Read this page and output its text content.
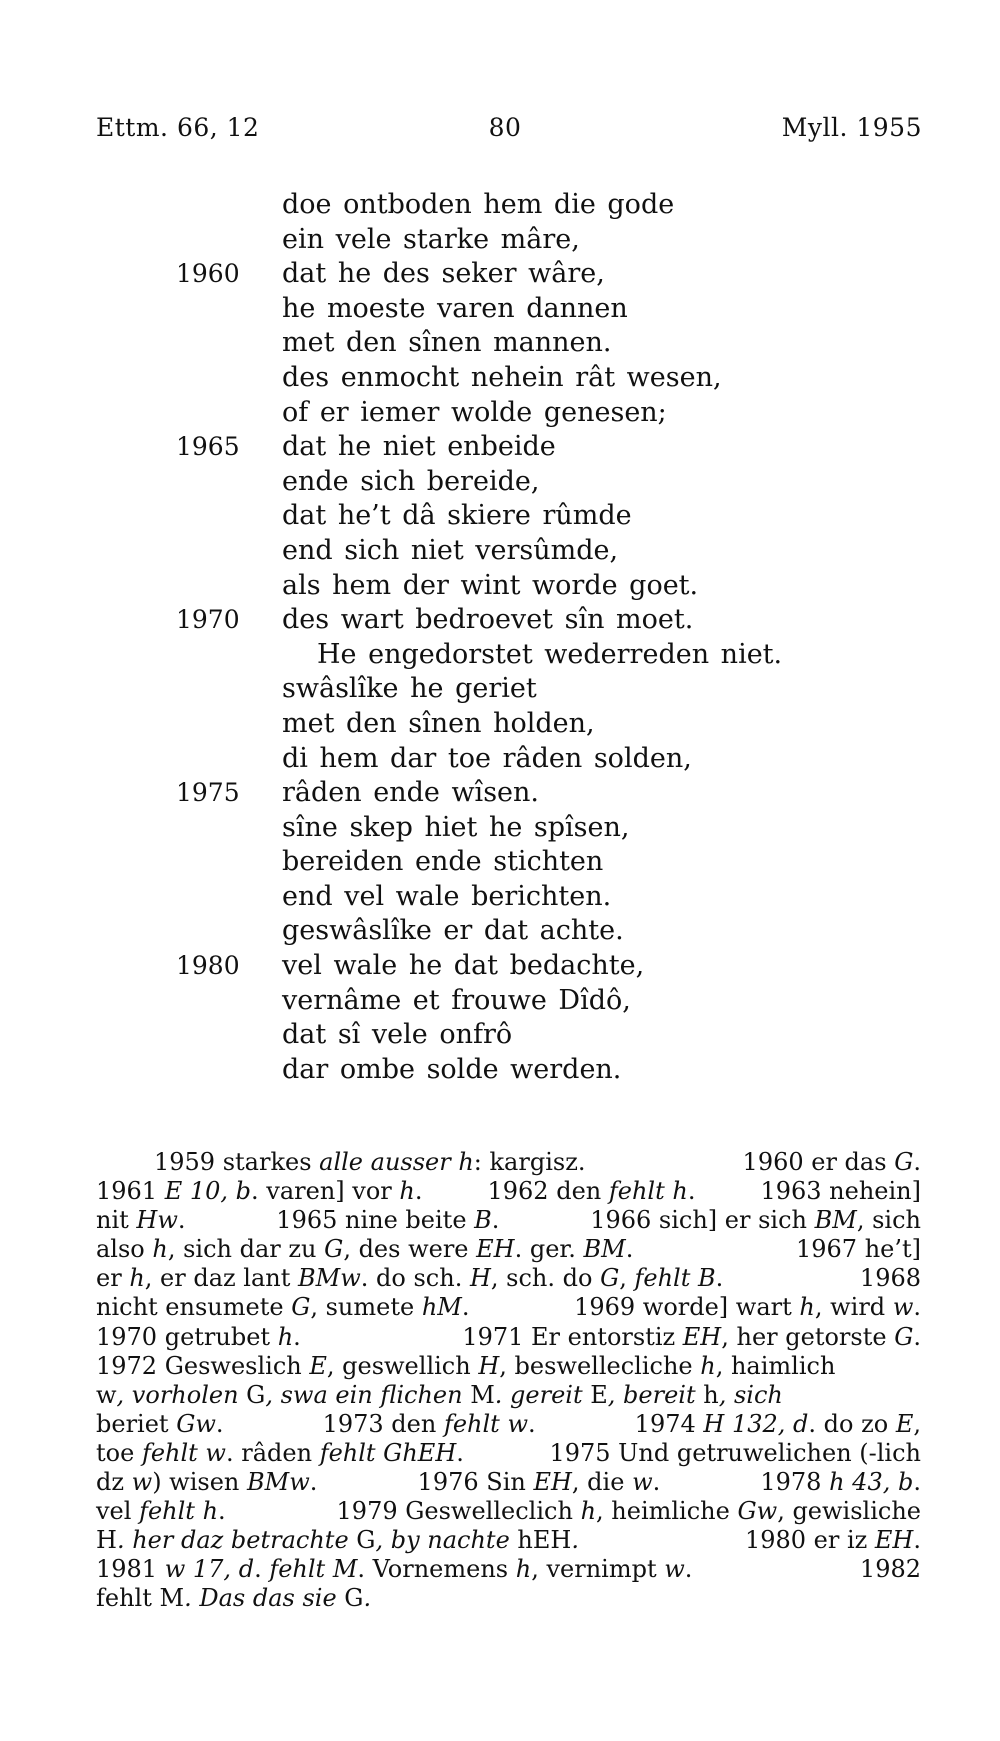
Ettm. 66, 12	80	Myll. 1955
doe ontboden hem die gode
ein vele starke mâre,
1960 dat he des seker wâre,
he moeste varen dannen
met den sînen mannen.
des enmocht nehein rât wesen,
of er iemer wolde genesen;
1965 dat he niet enbeide
ende sich bereide,
dat he’t dâ skiere rûmde
end sich niet versûmde,
als hem der wint worde goet.
1970 des wart bedroevet sîn moet.
He engedorstet wederreden niet.
swâslîke he geriet
met den sînen holden,
di hem dar toe râden solden,
1975 râden ende wîsen.
sîne skep hiet he spîsen,
bereiden ende stichten
end vel wale berichten.
geswâslîke er dat achte.
1980 vel wale he dat bedachte,
vernâme et frouwe Dîdô,
dat sî vele onfrô
dar ombe solde werden.
1959 starkes alle ausser h: kargisz.	1960 er das G.
1961 E 10, b. varen] vor h.	1962 den fehlt h.	1963 nehein]
nit Hw.	1965 nine beite B.	1966 sich] er sich BM, sich
also h, sich dar zu G, des were EH. ger. BM.	1967 he’t]
er h, er daz lant BMw. do sch. H, sch. do G, fehlt B.	1968
nicht ensumete G, sumete hM.	1969 worde] wart h, wird w.
1970 getrubet h.	1971 Er entorstiz EH, her getorste G.
1972 Gesweslich E, geswellich H, beswellecliche h, haimlich
w, vorholen G, swa ein flichen M. gereit E, bereit h, sich
beriet Gw.	1973 den fehlt w.	1974 H 132, d. do zo E,
toe fehlt w. râden fehlt GhEH.	1975 Und getruwelichen (-lich
dz w) wisen BMw.	1976 Sin EH, die w.	1978 h 43, b.
vel fehlt h.	1979 Geswelleclich h, heimliche Gw, gewisliche
H. her daz betrachte G, by nachte hEH.	1980 er iz EH.
1981 w 17, d. fehlt M. Vornemens h, vernimpt w.	1982
fehlt M. Das das sie G.
